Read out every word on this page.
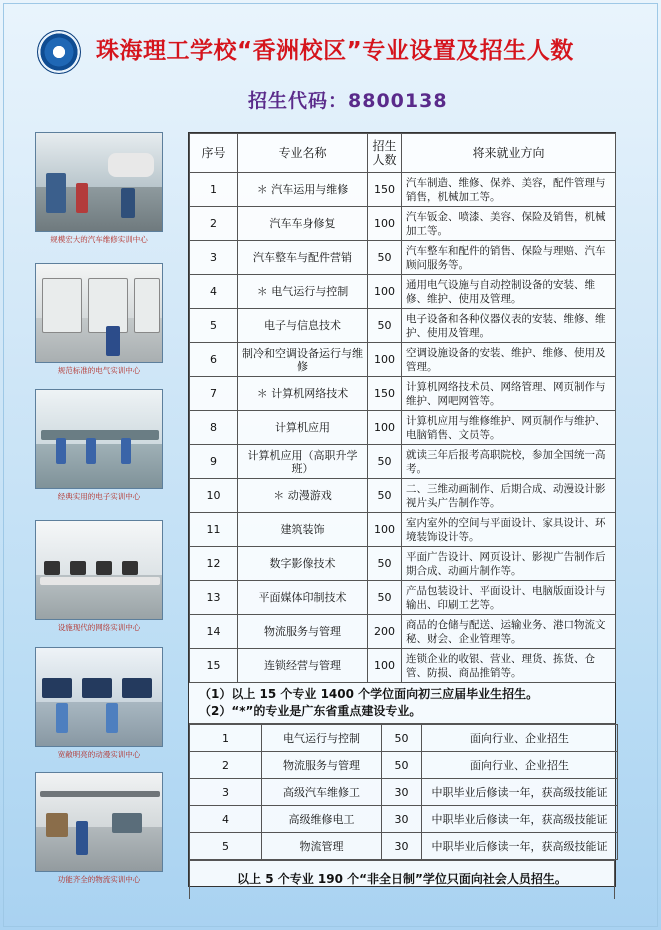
珠海理工学校“香洲校区”专业设置及招生人数
招生代码：8800138
规模宏大的汽车维修实训中心
规范标准的电气实训中心
经典实用的电子实训中心
设施现代的网络实训中心
宽敞明亮的动漫实训中心
功能齐全的物流实训中心
序号	专业名称	招生人数	将来就业方向
1	＊ 汽车运用与维修	150	汽车制造、维修、保养、美容，配件管理与销售，机械加工等。
2	汽车车身修复	100	汽车钣金、喷漆、美容、保险及销售，机械加工等。
3	汽车整车与配件营销	50	汽车整车和配件的销售、保险与理赔、汽车顾问服务等。
4	＊ 电气运行与控制	100	通用电气设施与自动控制设备的安装、维修、维护、使用及管理。
5	电子与信息技术	50	电子设备和各种仪器仪表的安装、维修、维护、使用及管理。
6	制冷和空调设备运行与维修	100	空调设施设备的安装、维护、维修、使用及管理。
7	＊ 计算机网络技术	150	计算机网络技术员、网络管理、网页制作与维护、网吧网管等。
8	计算机应用	100	计算机应用与维修维护、网页制作与维护、电脑销售、文员等。
9	计算机应用（高职升学班）	50	就读三年后报考高职院校，参加全国统一高考。
10	＊ 动漫游戏	50	二、三维动画制作、后期合成、动漫设计影视片头广告制作等。
11	建筑装饰	100	室内室外的空间与平面设计、家具设计、环境装饰设计等。
12	数字影像技术	50	平面广告设计、网页设计、影视广告制作后期合成、动画片制作等。
13	平面媒体印制技术	50	产品包装设计、平面设计、电脑版面设计与输出、印刷工艺等。
14	物流服务与管理	200	商品的仓储与配送、运输业务、港口物流文秘、财会、企业管理等。
15	连锁经营与管理	100	连锁企业的收银、营业、理货、拣货、仓管、防损、商品推销等。
（1）以上 15 个专业 1400 个学位面向初三应届毕业生招生。
（2）“*”的专业是广东省重点建设专业。
1	电气运行与控制	50	面向行业、企业招生
2	物流服务与管理	50	面向行业、企业招生
3	高级汽车维修工	30	中职毕业后修读一年，获高级技能证
4	高级维修电工	30	中职毕业后修读一年，获高级技能证
5	物流管理	30	中职毕业后修读一年，获高级技能证
以上 5 个专业 190 个“非全日制”学位只面向社会人员招生。
